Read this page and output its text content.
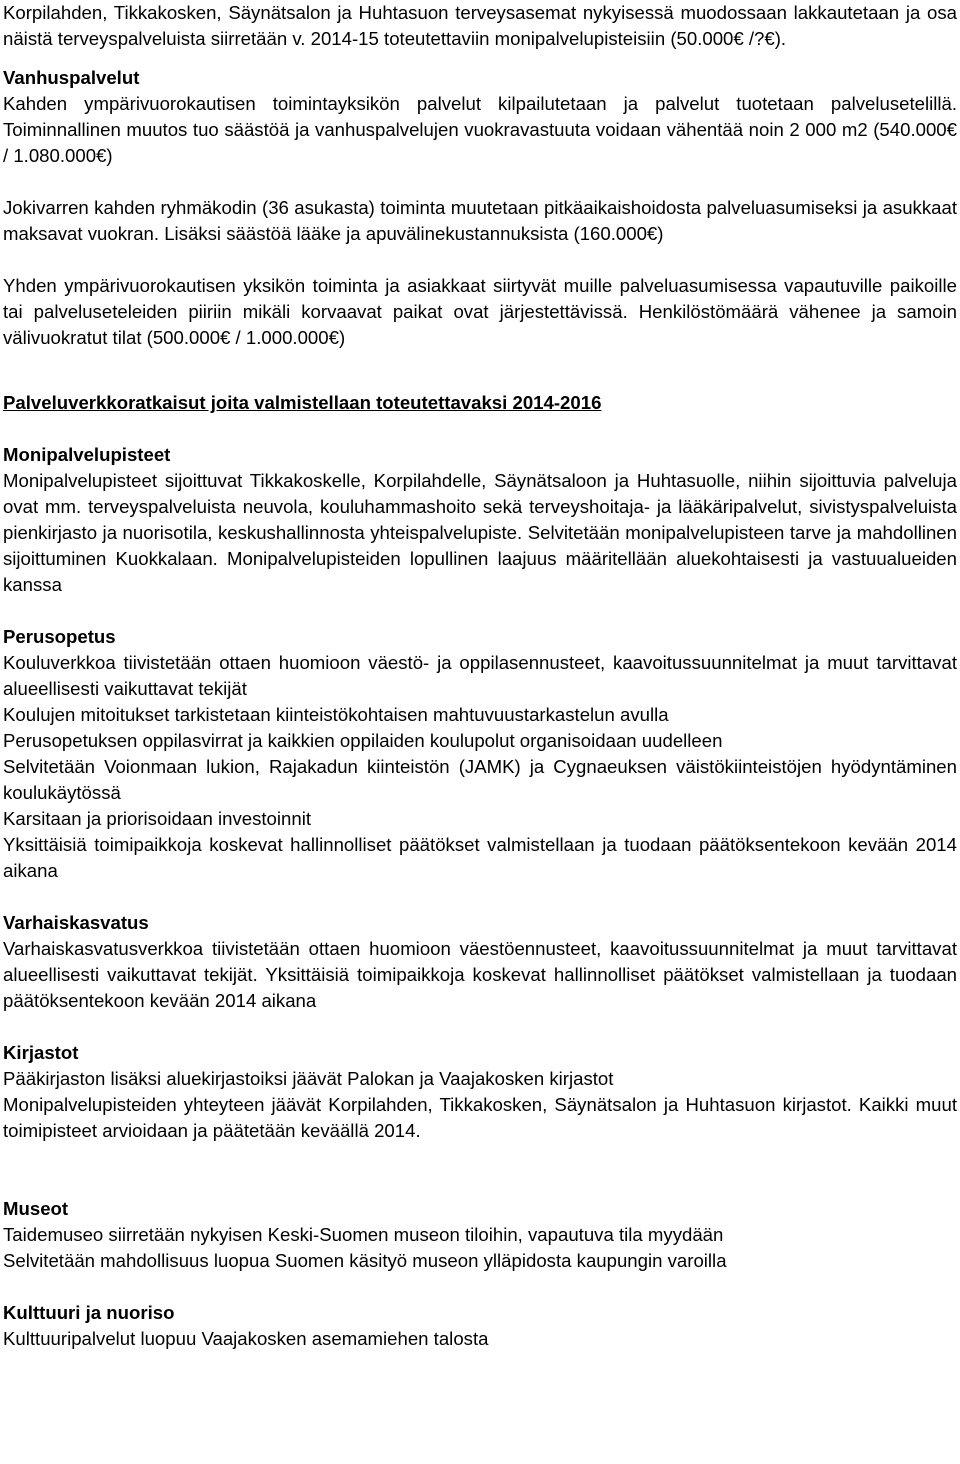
Korpilahden, Tikkakosken, Säynätsalon ja Huhtasuon terveysasemat nykyisessä muodossaan lakkautetaan ja osa näistä terveyspalveluista siirretään v. 2014-15 toteutettaviin monipalvelupisteisiin (50.000€ /?€).

Vanhuspalvelut

Kahden ympärivuorokautisen toimintayksikön palvelut kilpailutetaan ja palvelut tuotetaan palvelusetelillä. Toiminnallinen muutos tuo säästöä ja vanhuspalvelujen vuokravastuuta voidaan vähentää noin 2 000 m2 (540.000€ / 1.080.000€)

Jokivarren kahden ryhmäkodin (36 asukasta) toiminta muutetaan pitkäaikaishoidosta palveluasumiseksi ja asukkaat maksavat vuokran. Lisäksi säästöä lääke ja apuvälinekustannuksista (160.000€)

Yhden ympärivuorokautisen yksikön toiminta ja asiakkaat siirtyvät muille palveluasumisessa vapautuville paikoille tai palveluseteleiden piiriin mikäli korvaavat paikat ovat järjestettävissä. Henkilöstömäärä vähenee ja samoin välivuokratut tilat (500.000€ / 1.000.000€)

Palveluverkkoratkaisut joita valmistellaan toteutettavaksi 2014-2016

Monipalvelupisteet

Monipalvelupisteet sijoittuvat Tikkakoskelle, Korpilahdelle, Säynätsaloon ja Huhtasuolle, niihin sijoittuvia palveluja ovat mm. terveyspalveluista neuvola, kouluhammashoito sekä terveyshoitaja- ja lääkäripalvelut, sivistyspalveluista pienkirjasto ja nuorisotila, keskushallinnosta yhteispalvelupiste. Selvitetään monipalvelupisteen tarve ja mahdollinen sijoittuminen Kuokkalaan. Monipalvelupisteiden lopullinen laajuus määritellään aluekohtaisesti ja vastuualueiden kanssa

Perusopetus

Kouluverkkoa tiivistetään ottaen huomioon väestö- ja oppilasennusteet, kaavoitussuunnitelmat ja muut tarvittavat alueellisesti vaikuttavat tekijät

Koulujen mitoitukset tarkistetaan kiinteistökohtaisen mahtuvuustarkastelun avulla

Perusopetuksen oppilasvirrat ja kaikkien oppilaiden koulupolut organisoidaan uudelleen

Selvitetään Voionmaan lukion, Rajakadun kiinteistön (JAMK) ja Cygnaeuksen väistökiinteistöjen hyödyntäminen koulukäytössä

Karsitaan ja priorisoidaan investoinnit

Yksittäisiä toimipaikkoja koskevat hallinnolliset päätökset valmistellaan ja tuodaan päätöksentekoon kevään 2014 aikana

Varhaiskasvatus

Varhaiskasvatusverkkoa tiivistetään ottaen huomioon väestöennusteet, kaavoitussuunnitelmat ja muut tarvittavat alueellisesti vaikuttavat tekijät. Yksittäisiä toimipaikkoja koskevat hallinnolliset päätökset valmistellaan ja tuodaan päätöksentekoon kevään 2014 aikana

Kirjastot

Pääkirjaston lisäksi aluekirjastoiksi jäävät Palokan ja Vaajakosken kirjastot

Monipalvelupisteiden yhteyteen jäävät Korpilahden, Tikkakosken, Säynätsalon ja Huhtasuon kirjastot. Kaikki muut toimipisteet arvioidaan ja päätetään keväällä 2014.

Museot

Taidemuseo siirretään nykyisen Keski-Suomen museon tiloihin, vapautuva tila myydään

Selvitetään mahdollisuus luopua Suomen käsityö museon ylläpidosta kaupungin varoilla

Kulttuuri ja nuoriso

Kulttuuripalvelut luopuu Vaajakosken asemamiehen talosta
